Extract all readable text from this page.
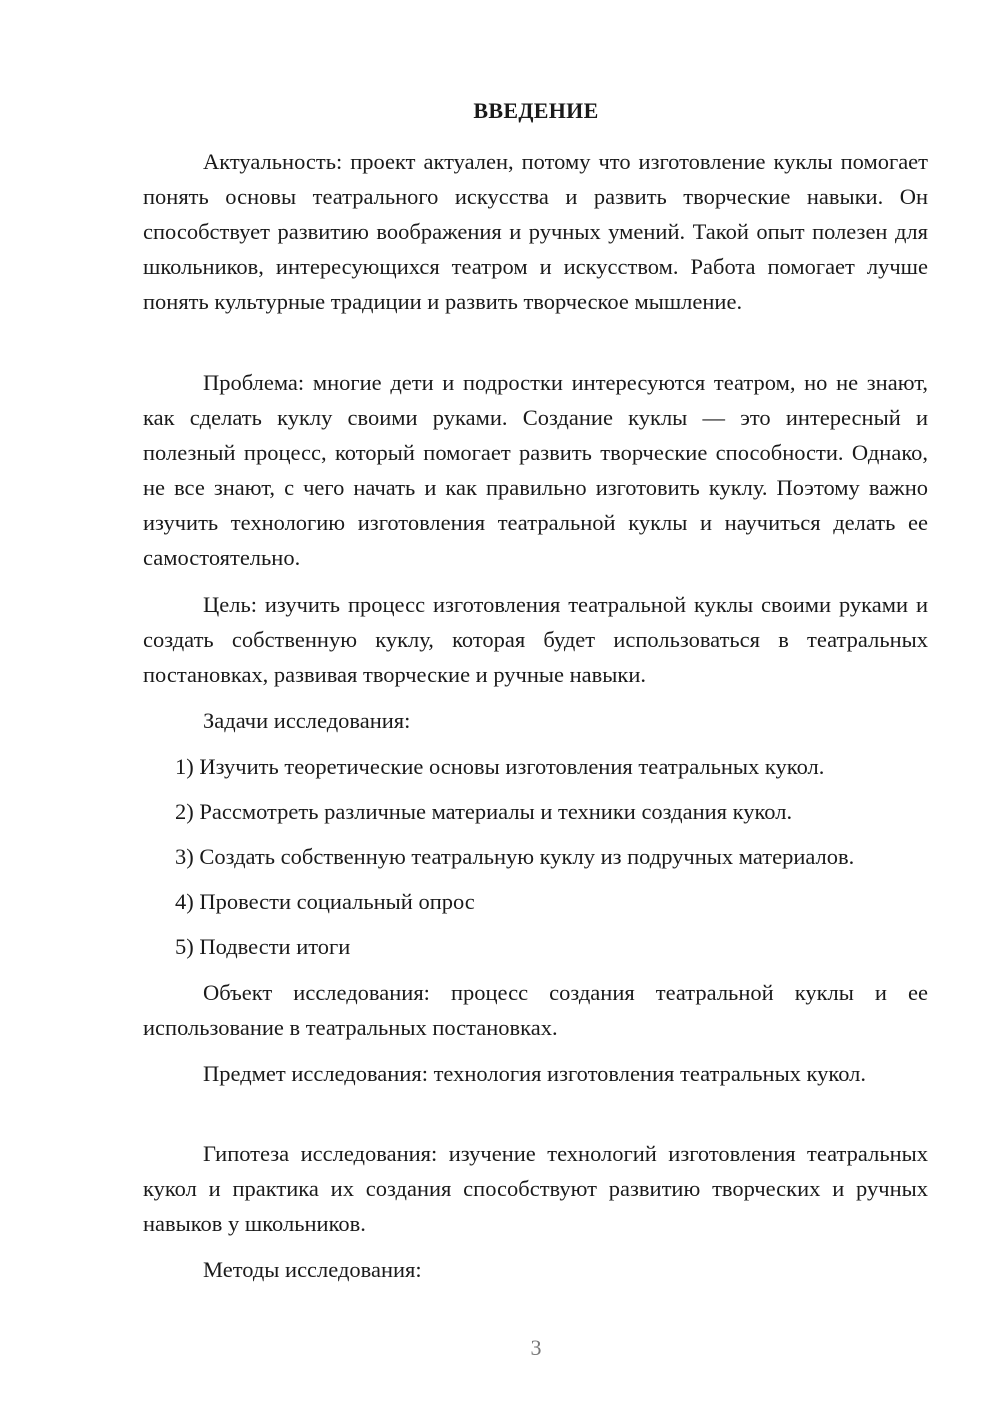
ВВЕДЕНИЕ

Актуальность: проект актуален, потому что изготовление куклы помогает понять основы театрального искусства и развить творческие навыки. Он способствует развитию воображения и ручных умений. Такой опыт полезен для школьников, интересующихся театром и искусством. Работа помогает лучше понять культурные традиции и развить творческое мышление.

Проблема: многие дети и подростки интересуются театром, но не знают, как сделать куклу своими руками. Создание куклы — это интересный и полезный процесс, который помогает развить творческие способности. Однако, не все знают, с чего начать и как правильно изготовить куклу. Поэтому важно изучить технологию изготовления театральной куклы и научиться делать ее самостоятельно.

Цель: изучить процесс изготовления театральной куклы своими руками и создать собственную куклу, которая будет использоваться в театральных постановках, развивая творческие и ручные навыки.

Задачи исследования:
1) Изучить теоретические основы изготовления театральных кукол.
2) Рассмотреть различные материалы и техники создания кукол.
3) Создать собственную театральную куклу из подручных материалов.
4) Провести социальный опрос
5) Подвести итоги

Объект исследования: процесс создания театральной куклы и ее использование в театральных постановках.

Предмет исследования: технология изготовления театральных кукол.

Гипотеза исследования: изучение технологий изготовления театральных кукол и практика их создания способствуют развитию творческих и ручных навыков у школьников.

Методы исследования:
3
